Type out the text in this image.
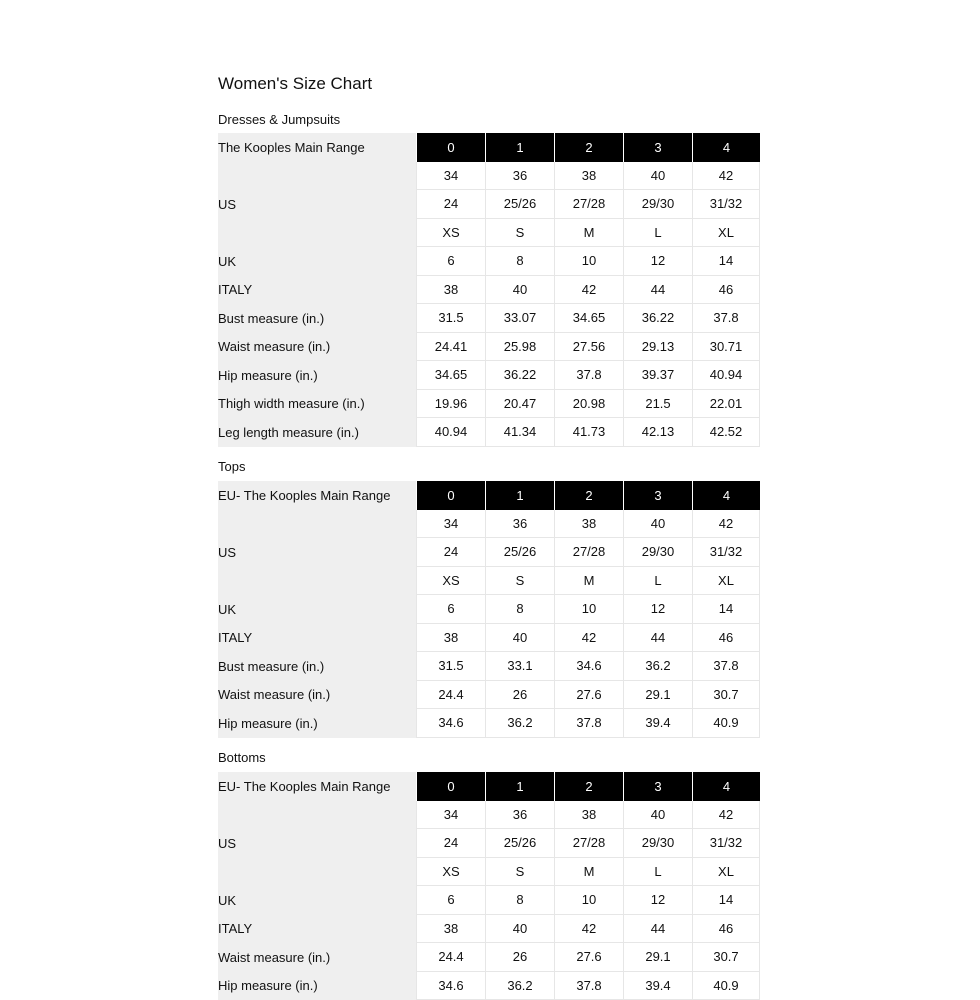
Women's Size Chart
Dresses & Jumpsuits
The Kooples Main Range	0	1	2	3	4
	34	36	38	40	42
US	24	25/26	27/28	29/30	31/32
	XS	S	M	L	XL
UK	6	8	10	12	14
ITALY	38	40	42	44	46
Bust measure (in.)	31.5	33.07	34.65	36.22	37.8
Waist measure (in.)	24.41	25.98	27.56	29.13	30.71
Hip measure (in.)	34.65	36.22	37.8	39.37	40.94
Thigh width measure (in.)	19.96	20.47	20.98	21.5	22.01
Leg length measure (in.)	40.94	41.34	41.73	42.13	42.52
Tops
EU- The Kooples Main Range	0	1	2	3	4
	34	36	38	40	42
US	24	25/26	27/28	29/30	31/32
	XS	S	M	L	XL
UK	6	8	10	12	14
ITALY	38	40	42	44	46
Bust measure (in.)	31.5	33.1	34.6	36.2	37.8
Waist measure (in.)	24.4	26	27.6	29.1	30.7
Hip measure (in.)	34.6	36.2	37.8	39.4	40.9
Bottoms
EU- The Kooples Main Range	0	1	2	3	4
	34	36	38	40	42
US	24	25/26	27/28	29/30	31/32
	XS	S	M	L	XL
UK	6	8	10	12	14
ITALY	38	40	42	44	46
Waist measure (in.)	24.4	26	27.6	29.1	30.7
Hip measure (in.)	34.6	36.2	37.8	39.4	40.9
